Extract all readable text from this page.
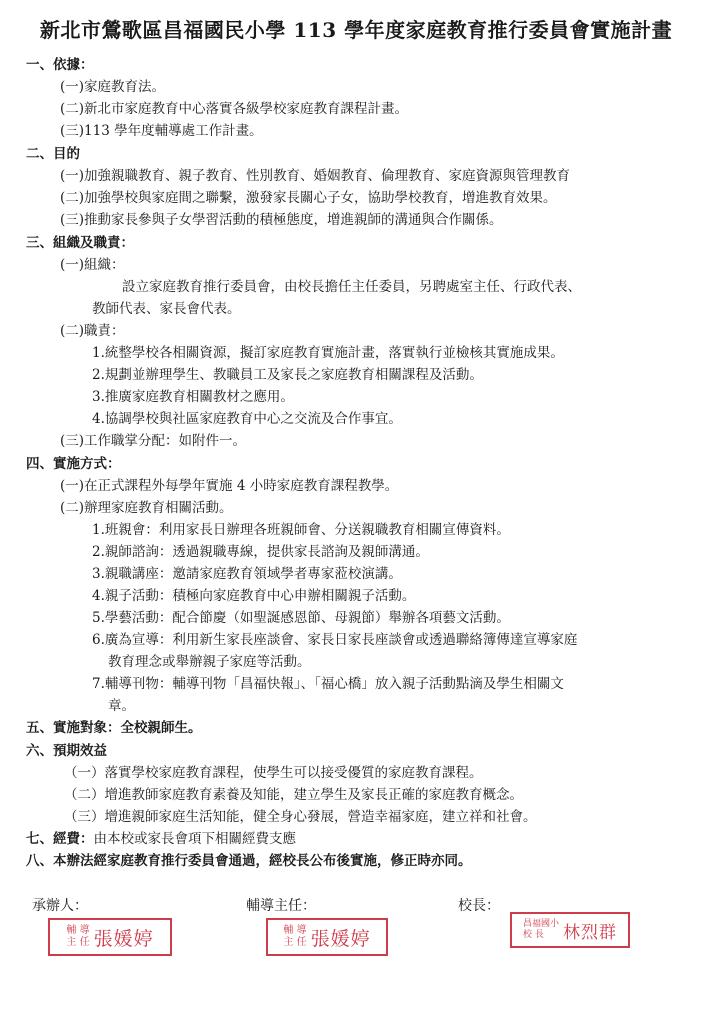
新北市鶯歌區昌福國民小學 113 學年度家庭教育推行委員會實施計畫
一、依據：
(一)家庭教育法。
(二)新北市家庭教育中心落實各級學校家庭教育課程計畫。
(三)113 學年度輔導處工作計畫。
二、目的
(一)加強親職教育、親子教育、性別教育、婚姻教育、倫理教育、家庭資源與管理教育
(二)加強學校與家庭間之聯繫，激發家長關心子女，協助學校教育，增進教育效果。
(三)推動家長參與子女學習活動的積極態度，增進親師的溝通與合作關係。
三、組織及職責：
(一)組織：
設立家庭教育推行委員會，由校長擔任主任委員，另聘處室主任、行政代表、
教師代表、家長會代表。
(二)職責：
1.統整學校各相關資源，擬訂家庭教育實施計畫，落實執行並檢核其實施成果。
2.規劃並辦理學生、教職員工及家長之家庭教育相關課程及活動。
3.推廣家庭教育相關教材之應用。
4.協調學校與社區家庭教育中心之交流及合作事宜。
(三)工作職掌分配：如附件一。
四、實施方式：
(一)在正式課程外每學年實施 4 小時家庭教育課程教學。
(二)辦理家庭教育相關活動。
1.班親會：利用家長日辦理各班親師會、分送親職教育相關宣傳資料。
2.親師諮詢：透過親職專線，提供家長諮詢及親師溝通。
3.親職講座：邀請家庭教育領域學者專家蒞校演講。
4.親子活動：積極向家庭教育中心申辦相關親子活動。
5.學藝活動：配合節慶（如聖誕感恩節、母親節）舉辦各項藝文活動。
6.廣為宣導：利用新生家長座談會、家長日家長座談會或透過聯絡簿傳達宣導家庭
教育理念或舉辦親子家庭等活動。
7.輔導刊物：輔導刊物「昌福快報」、「福心橋」放入親子活動點滴及學生相關文
章。
五、實施對象：全校親師生。
六、預期效益
（一）落實學校家庭教育課程，使學生可以接受優質的家庭教育課程。
（二）增進教師家庭教育素養及知能，建立學生及家長正確的家庭教育概念。
（三）增進親師家庭生活知能，健全身心發展，營造幸福家庭，建立祥和社會。
七、經費：由本校或家長會項下相關經費支應
八、本辦法經家庭教育推行委員會通過，經校長公布後實施，修正時亦同。
承辦人：	輔導主任：	校長：
輔 導
主 任 張媛婷	輔 導
主 任 張媛婷
昌福國小
校 長	林烈群
